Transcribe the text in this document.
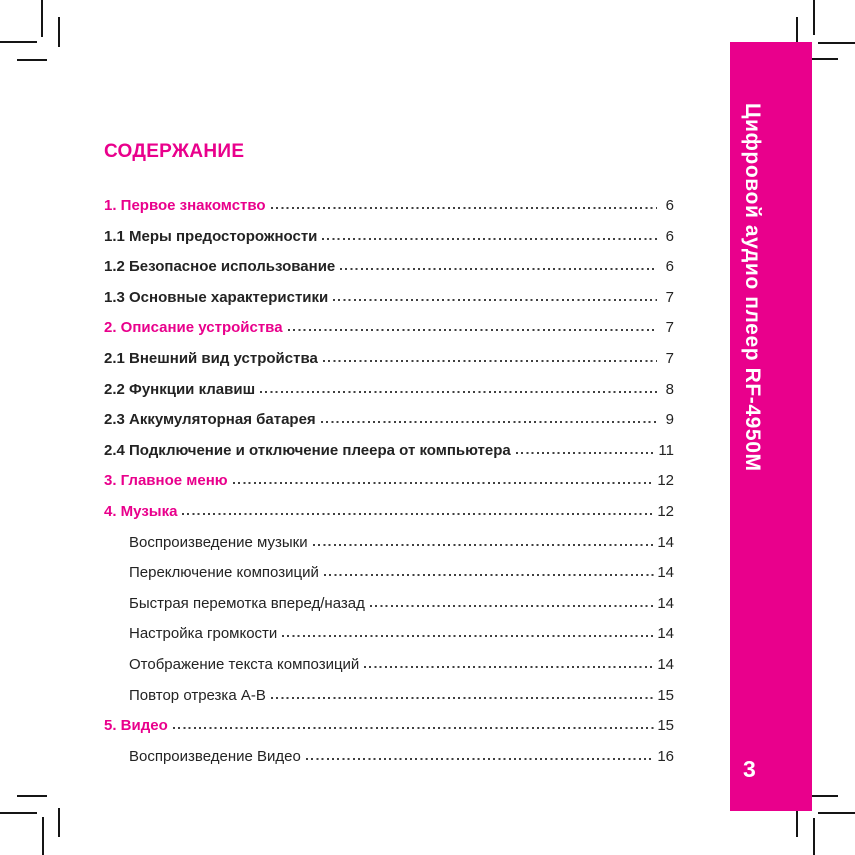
СОДЕРЖАНИЕ
1. Первое знакомство	6
1.1 Меры предосторожности	6
1.2 Безопасное использование	6
1.3 Основные характеристики	7
2. Описание устройства	7
2.1 Внешний вид устройства	7
2.2 Функции клавиш	8
2.3 Аккумуляторная батарея	9
2.4 Подключение и отключение плеера от компьютера	11
3. Главное меню	12
4. Музыка	12
Воспроизведение музыки	14
Переключение композиций	14
Быстрая перемотка вперед/назад	14
Настройка громкости	14
Отображение текста композиций	14
Повтор отрезка А-В	15
5. Видео	15
Воспроизведение Видео	16
Цифровой аудио плеер RF-4950M
3
